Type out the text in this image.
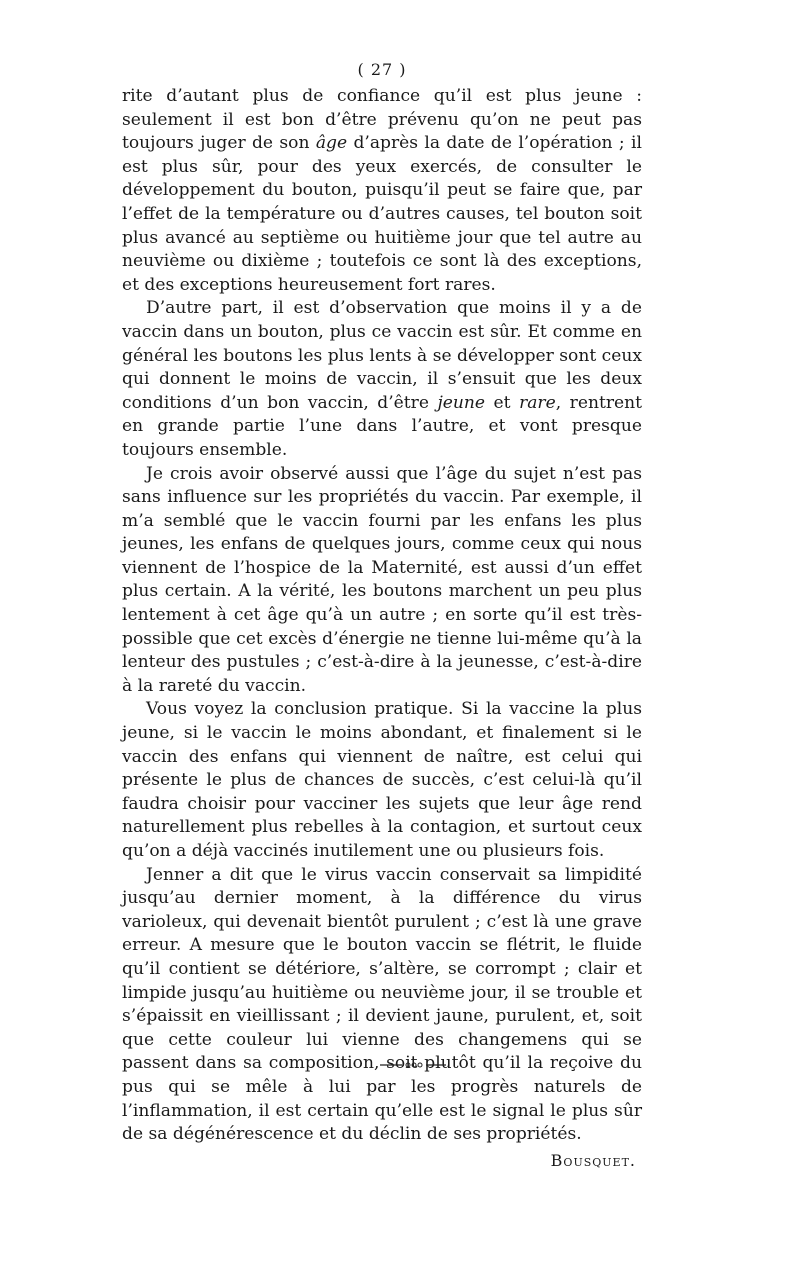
( 27 )

rite d’autant plus de confiance qu’il est plus jeune : seulement il est bon d’être prévenu qu’on ne peut pas toujours juger de son âge d’après la date de l’opération ; il est plus sûr, pour des yeux exercés, de consulter le développement du bouton, puisqu’il peut se faire que, par l’effet de la température ou d’autres causes, tel bouton soit plus avancé au septième ou huitième jour que tel autre au neuvième ou dixième ; toutefois ce sont là des exceptions, et des exceptions heureusement fort rares.

D’autre part, il est d’observation que moins il y a de vaccin dans un bouton, plus ce vaccin est sûr. Et comme en général les boutons les plus lents à se développer sont ceux qui donnent le moins de vaccin, il s’ensuit que les deux conditions d’un bon vaccin, d’être jeune et rare, rentrent en grande partie l’une dans l’autre, et vont presque toujours ensemble.

Je crois avoir observé aussi que l’âge du sujet n’est pas sans influence sur les propriétés du vaccin. Par exemple, il m’a semblé que le vaccin fourni par les enfans les plus jeunes, les enfans de quelques jours, comme ceux qui nous viennent de l’hospice de la Maternité, est aussi d’un effet plus certain. A la vérité, les boutons marchent un peu plus lentement à cet âge qu’à un autre ; en sorte qu’il est très-possible que cet excès d’énergie ne tienne lui-même qu’à la lenteur des pustules ; c’est-à-dire à la jeunesse, c’est-à-dire à la rareté du vaccin.

Vous voyez la conclusion pratique. Si la vaccine la plus jeune, si le vaccin le moins abondant, et finalement si le vaccin des enfans qui viennent de naître, est celui qui présente le plus de chances de succès, c’est celui-là qu’il faudra choisir pour vacciner les sujets que leur âge rend naturellement plus rebelles à la contagion, et surtout ceux qu’on a déjà vaccinés inutilement une ou plusieurs fois.

Jenner a dit que le virus vaccin conservait sa limpidité jusqu’au dernier moment, à la différence du virus varioleux, qui devenait bientôt purulent ; c’est là une grave erreur. A mesure que le bouton vaccin se flétrit, le fluide qu’il contient se détériore, s’altère, se corrompt ; clair et limpide jusqu’au huitième ou neuvième jour, il se trouble et s’épaissit en vieillissant ; il devient jaune, purulent, et, soit que cette couleur lui vienne des changemens qui se passent dans sa composition, soit plutôt qu’il la reçoive du pus qui se mêle à lui par les progrès naturels de l’inflammation, il est certain qu’elle est le signal le plus sûr de sa dégénérescence et du déclin de ses propriétés.

Bousquet.
